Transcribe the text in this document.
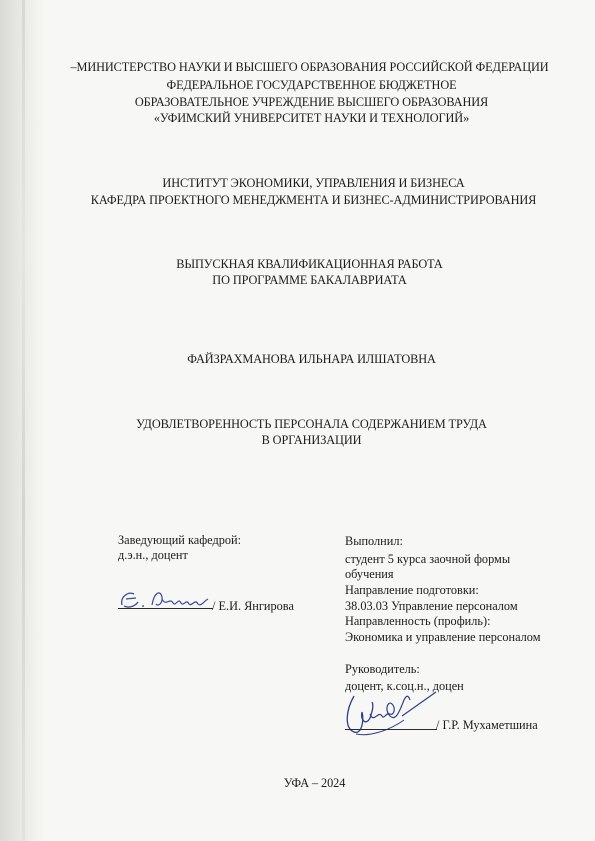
–МИНИСТЕРСТВО НАУКИ И ВЫСШЕГО ОБРАЗОВАНИЯ РОССИЙСКОЙ ФЕДЕРАЦИИ
ФЕДЕРАЛЬНОЕ ГОСУДАРСТВЕННОЕ БЮДЖЕТНОЕ
ОБРАЗОВАТЕЛЬНОЕ УЧРЕЖДЕНИЕ ВЫСШЕГО ОБРАЗОВАНИЯ
«УФИМСКИЙ УНИВЕРСИТЕТ НАУКИ И ТЕХНОЛОГИЙ»
ИНСТИТУТ ЭКОНОМИКИ, УПРАВЛЕНИЯ И БИЗНЕСА
КАФЕДРА ПРОЕКТНОГО МЕНЕДЖМЕНТА И БИЗНЕС-АДМИНИСТРИРОВАНИЯ
ВЫПУСКНАЯ КВАЛИФИКАЦИОННАЯ РАБОТА
ПО ПРОГРАММЕ БАКАЛАВРИАТА
ФАЙЗРАХМАНОВА ИЛЬНАРА ИЛШАТОВНА
УДОВЛЕТВОРЕННОСТЬ ПЕРСОНАЛА СОДЕРЖАНИЕМ ТРУДА
В ОРГАНИЗАЦИИ
Заведующий кафедрой:
д.э.н., доцент
/ Е.И. Янгирова
Выполнил:
студент 5 курса заочной формы
обучения
Направление подготовки:
38.03.03 Управление персоналом
Направленность (профиль):
Экономика и управление персоналом
Руководитель:
доцент, к.соц.н., доцен
/ Г.Р. Мухаметшина
УФА – 2024
